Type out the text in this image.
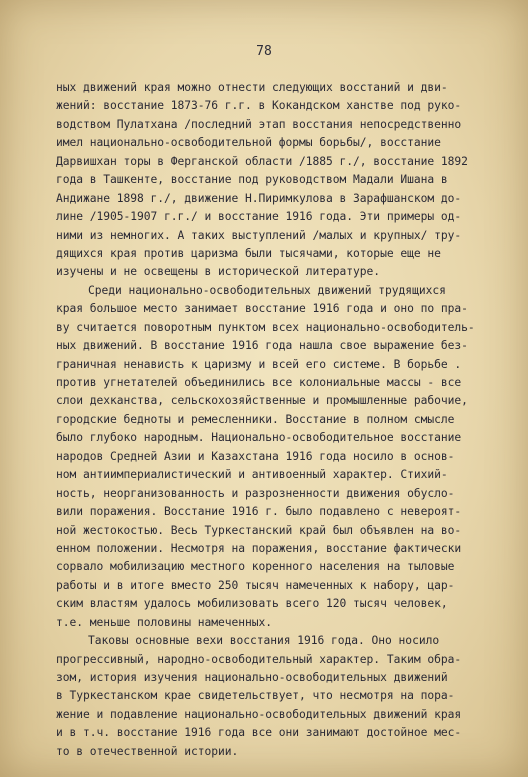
78
ных движений края можно отнести следующих восстаний и дви-
жений: восстание 1873-76 г.г. в Кокандском ханстве под руко-
водством Пулатхана /последний этап восстания непосредственно
имел национально-освободительной формы борьбы/, восстание
Дарвишхан торы в Ферганской области /1885 г./, восстание 1892
года в Ташкенте, восстание под руководством Мадали Ишана в
Андижане 1898 г./, движение Н.Пиримкулова в Зарафшанском до-
лине /1905-1907 г.г./ и восстание 1916 года. Эти примеры од-
ними из немногих. А таких выступлений /малых и крупных/ тру-
дящихся края против царизма были тысячами, которые еще не
изучены и не освещены в исторической литературе.
Среди национально-освободительных движений трудящихся
края большое место занимает восстание 1916 года и оно по пра-
ву считается поворотным пунктом всех национально-освободитель-
ных движений. В восстание 1916 года нашла свое выражение без-
граничная ненависть к царизму и всей его системе. В борьбе .
против угнетателей объединились все колониальные массы - все
слои дехканства, сельскохозяйственные и промышленные рабочие,
городские бедноты и ремесленники. Восстание в полном смысле
было глубоко народным. Национально-освободительное восстание
народов Средней Азии и Казахстана 1916 года носило в основ-
ном антиимпериалистический и антивоенный характер. Стихий-
ность, неорганизованность и разрозненности движения обуслo-
вили поражения. Восстание 1916 г. было подавлено с невероят-
ной жестокостью. Весь Туркестанский край был объявлен на во-
енном положении. Несмотря на поражения, восстание фактически
сорвало мобилизацию местного коренного населения на тыловые
работы и в итоге вместо 250 тысяч намеченных к набору, цар-
ским властям удалось мобилизовать всего 120 тысяч человек,
т.е. меньше половины намеченных.
Таковы основные вехи восстания 1916 года. Оно носило
прогрессивный, народно-освободительный характер. Таким обра-
зом, история изучения национально-освободительных движений
в Туркестанском крае свидетельствует, что несмотря на пора-
жение и подавление национально-освободительных движений края
и в т.ч. восстание 1916 года все они занимают достойное мес-
то в отечественной истории.
